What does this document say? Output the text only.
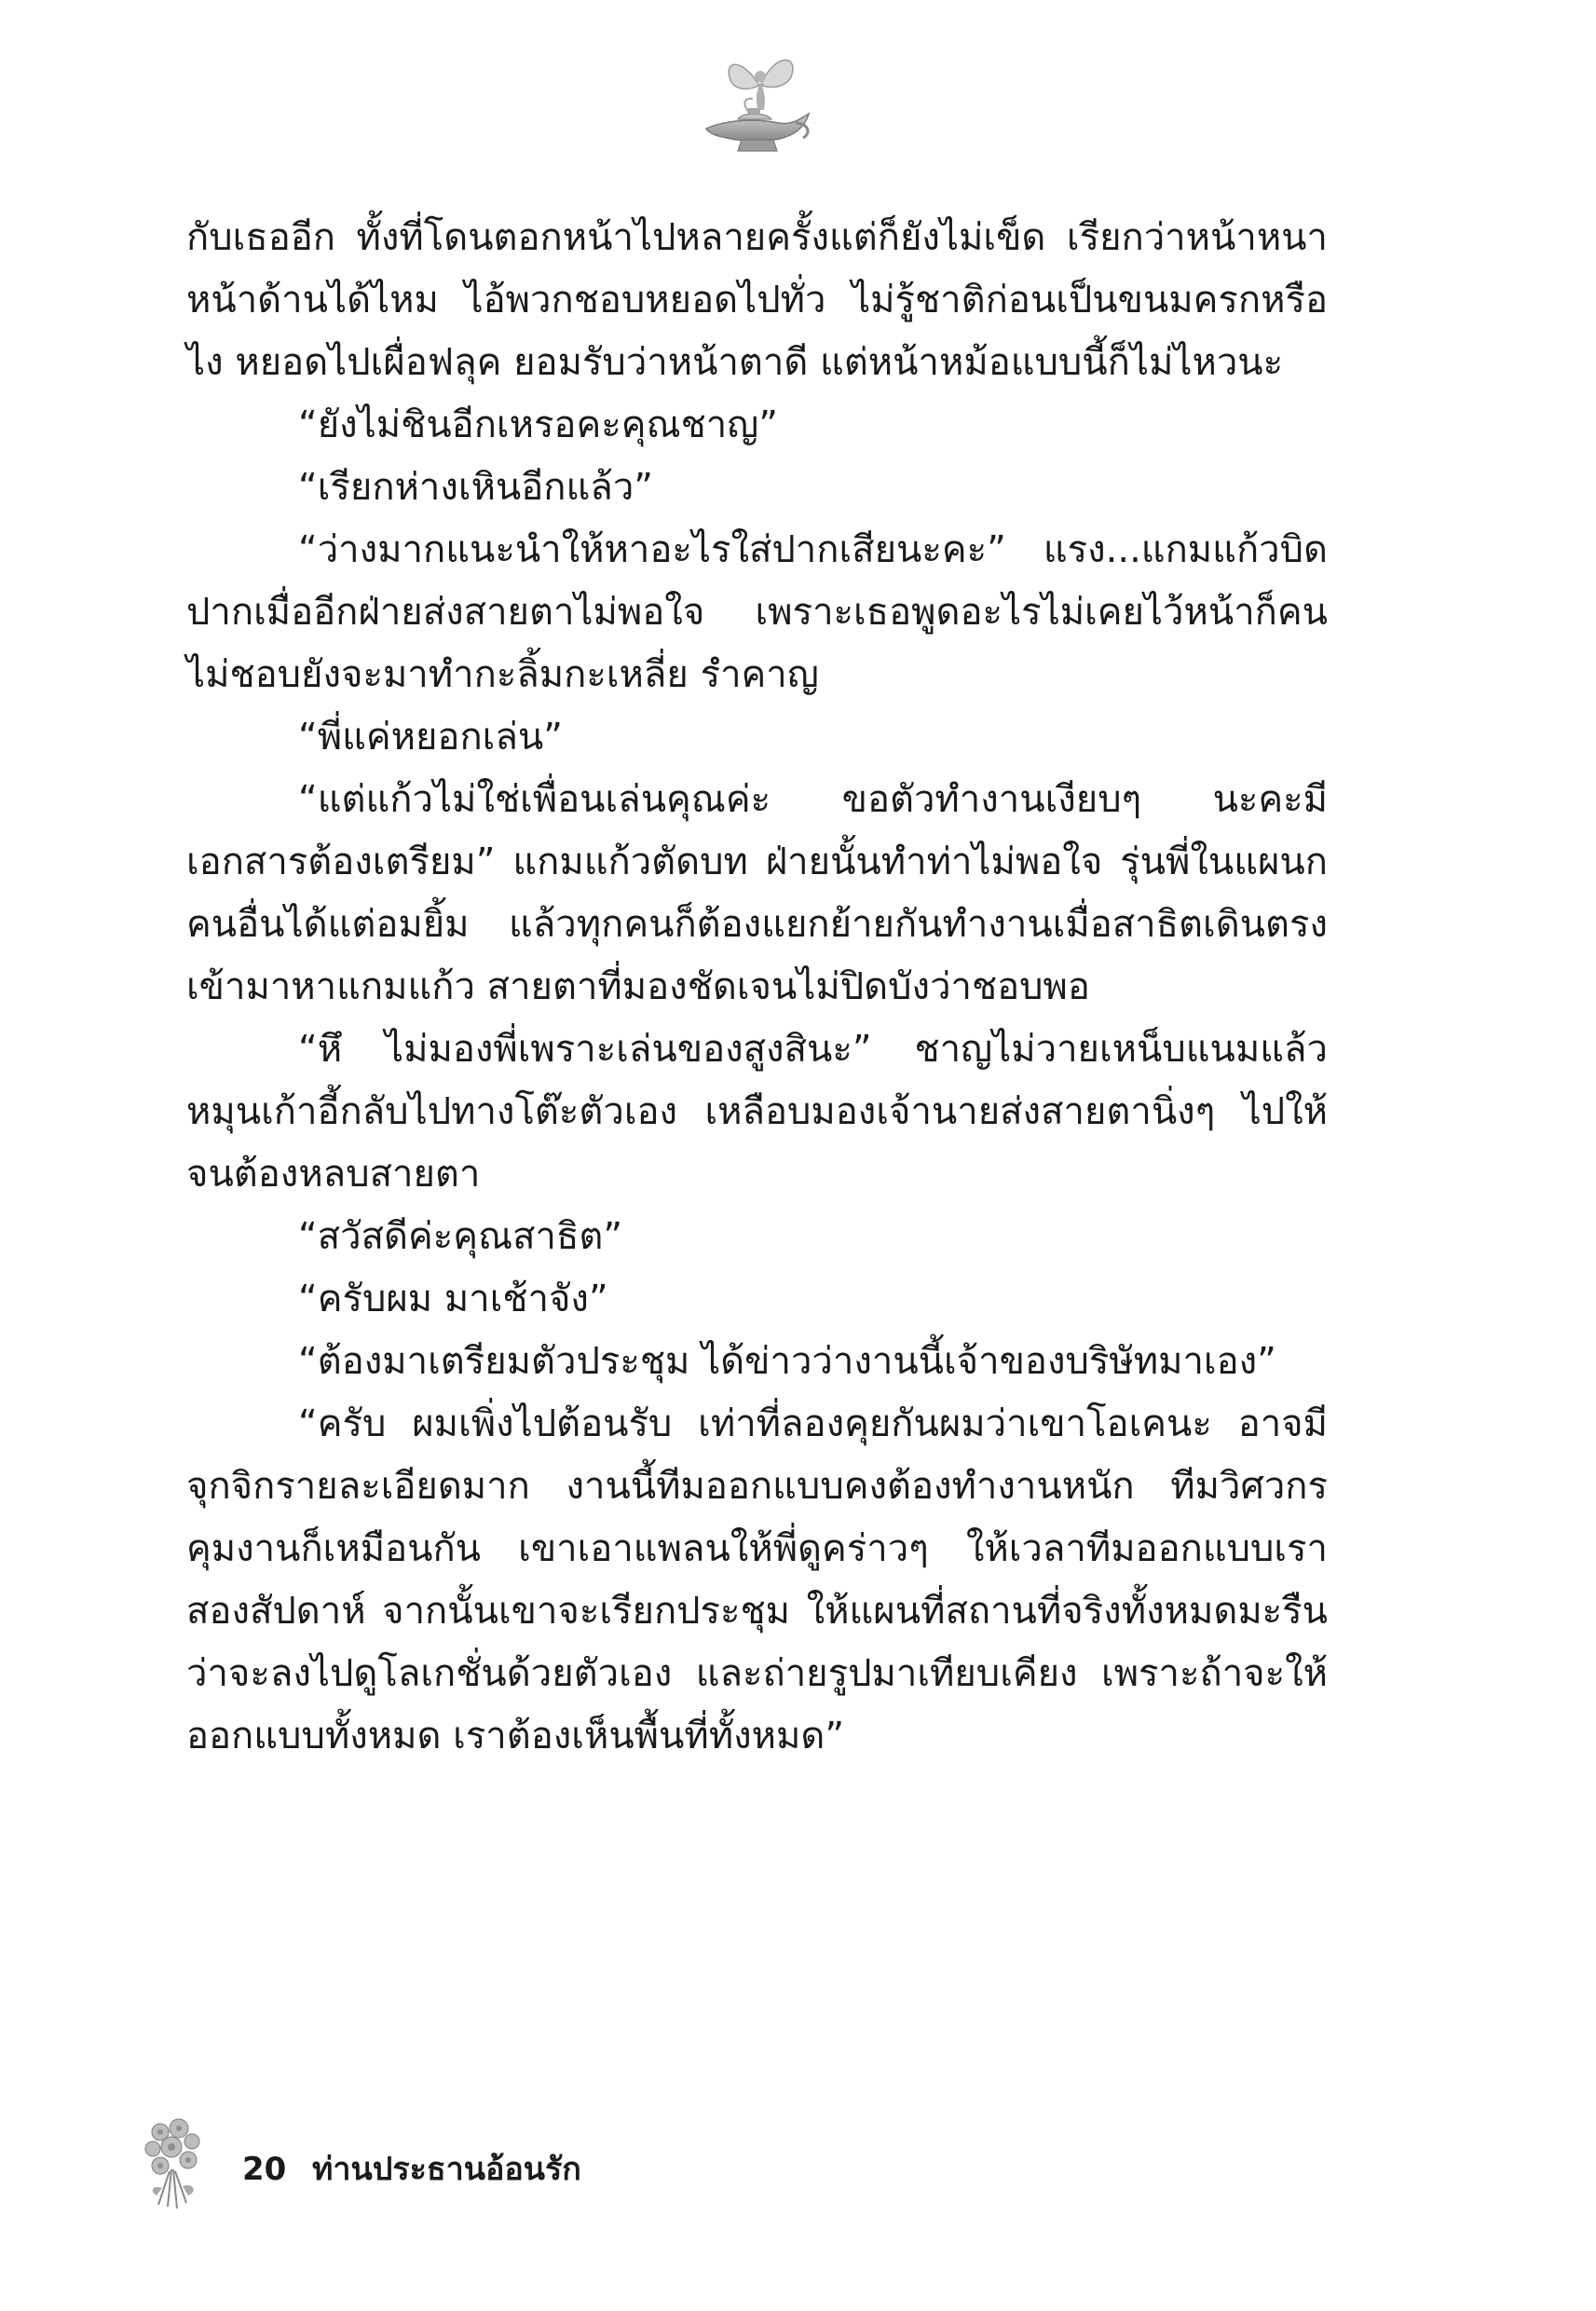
กับเธออีก ทั้งที่โดนตอกหน้าไปหลายครั้งแต่ก็ยังไม่เข็ด เรียกว่าหน้าหนาหน้าด้านได้ไหม ไอ้พวกชอบหยอดไปทั่ว ไม่รู้ชาติก่อนเป็นขนมครกหรือไง หยอดไปเผื่อฟลุค ยอมรับว่าหน้าตาดี แต่หน้าหม้อแบบนี้ก็ไม่ไหวนะ

“ยังไม่ชินอีกเหรอคะคุณชาญ”

“เรียกห่างเหินอีกแล้ว”

“ว่างมากแนะนำให้หาอะไรใส่ปากเสียนะคะ” แรง...แกมแก้วบิดปากเมื่ออีกฝ่ายส่งสายตาไม่พอใจ เพราะเธอพูดอะไรไม่เคยไว้หน้าก็คนไม่ชอบยังจะมาทำกะลิ้มกะเหลี่ย รำคาญ

“พี่แค่หยอกเล่น”

“แต่แก้วไม่ใช่เพื่อนเล่นคุณค่ะ ขอตัวทำงานเงียบๆ นะคะมีเอกสารต้องเตรียม” แกมแก้วตัดบท ฝ่ายนั้นทำท่าไม่พอใจ รุ่นพี่ในแผนกคนอื่นได้แต่อมยิ้ม แล้วทุกคนก็ต้องแยกย้ายกันทำงานเมื่อสาธิตเดินตรงเข้ามาหาแกมแก้ว สายตาที่มองชัดเจนไม่ปิดบังว่าชอบพอ

“หึ ไม่มองพี่เพราะเล่นของสูงสินะ” ชาญไม่วายเหน็บแนมแล้วหมุนเก้าอี้กลับไปทางโต๊ะตัวเอง เหลือบมองเจ้านายส่งสายตานิ่งๆ ไปให้จนต้องหลบสายตา

“สวัสดีค่ะคุณสาธิต”

“ครับผม มาเช้าจัง”

“ต้องมาเตรียมตัวประชุม ได้ข่าวว่างานนี้เจ้าของบริษัทมาเอง”

“ครับ ผมเพิ่งไปต้อนรับ เท่าที่ลองคุยกันผมว่าเขาโอเคนะ อาจมีจุกจิกรายละเอียดมาก งานนี้ทีมออกแบบคงต้องทำงานหนัก ทีมวิศวกรคุมงานก็เหมือนกัน เขาเอาแพลนให้พี่ดูคร่าวๆ ให้เวลาทีมออกแบบเราสองสัปดาห์ จากนั้นเขาจะเรียกประชุม ให้แผนที่สถานที่จริงทั้งหมดมะรืนว่าจะลงไปดูโลเกชั่นด้วยตัวเอง และถ่ายรูปมาเทียบเคียง เพราะถ้าจะให้ออกแบบทั้งหมด เราต้องเห็นพื้นที่ทั้งหมด”

20 ท่านประธานอ้อนรัก
